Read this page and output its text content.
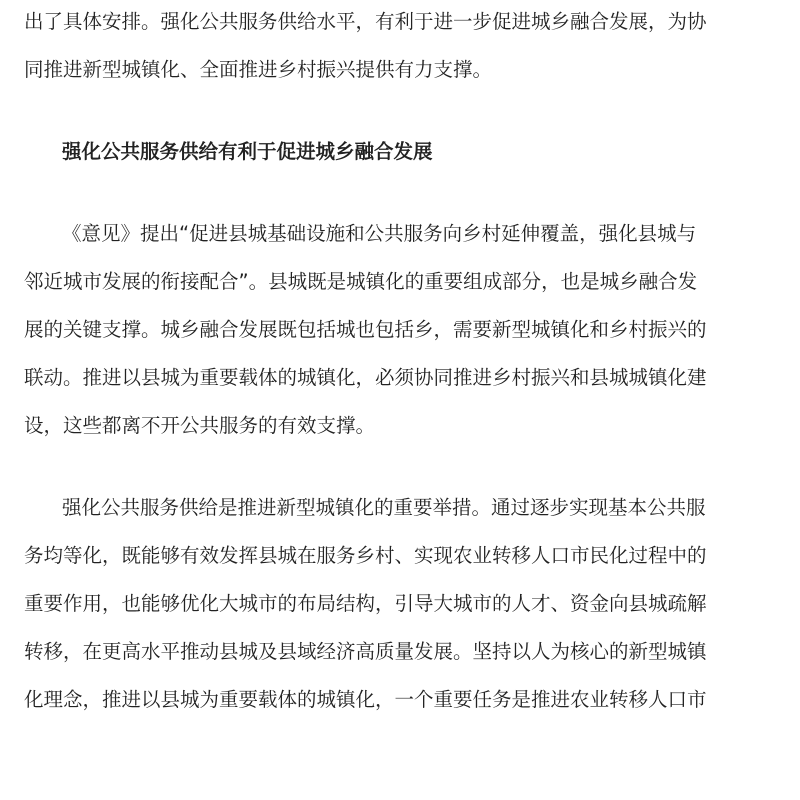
出了具体安排。强化公共服务供给水平，有利于进一步促进城乡融合发展，为协
同推进新型城镇化、全面推进乡村振兴提供有力支撑。
强化公共服务供给有利于促进城乡融合发展
《意见》提出“促进县城基础设施和公共服务向乡村延伸覆盖，强化县城与
邻近城市发展的衔接配合”。县城既是城镇化的重要组成部分，也是城乡融合发
展的关键支撑。城乡融合发展既包括城也包括乡，需要新型城镇化和乡村振兴的
联动。推进以县城为重要载体的城镇化，必须协同推进乡村振兴和县城城镇化建
设，这些都离不开公共服务的有效支撑。
强化公共服务供给是推进新型城镇化的重要举措。通过逐步实现基本公共服
务均等化，既能够有效发挥县城在服务乡村、实现农业转移人口市民化过程中的
重要作用，也能够优化大城市的布局结构，引导大城市的人才、资金向县城疏解
转移，在更高水平推动县城及县域经济高质量发展。坚持以人为核心的新型城镇
化理念，推进以县城为重要载体的城镇化，一个重要任务是推进农业转移人口市
